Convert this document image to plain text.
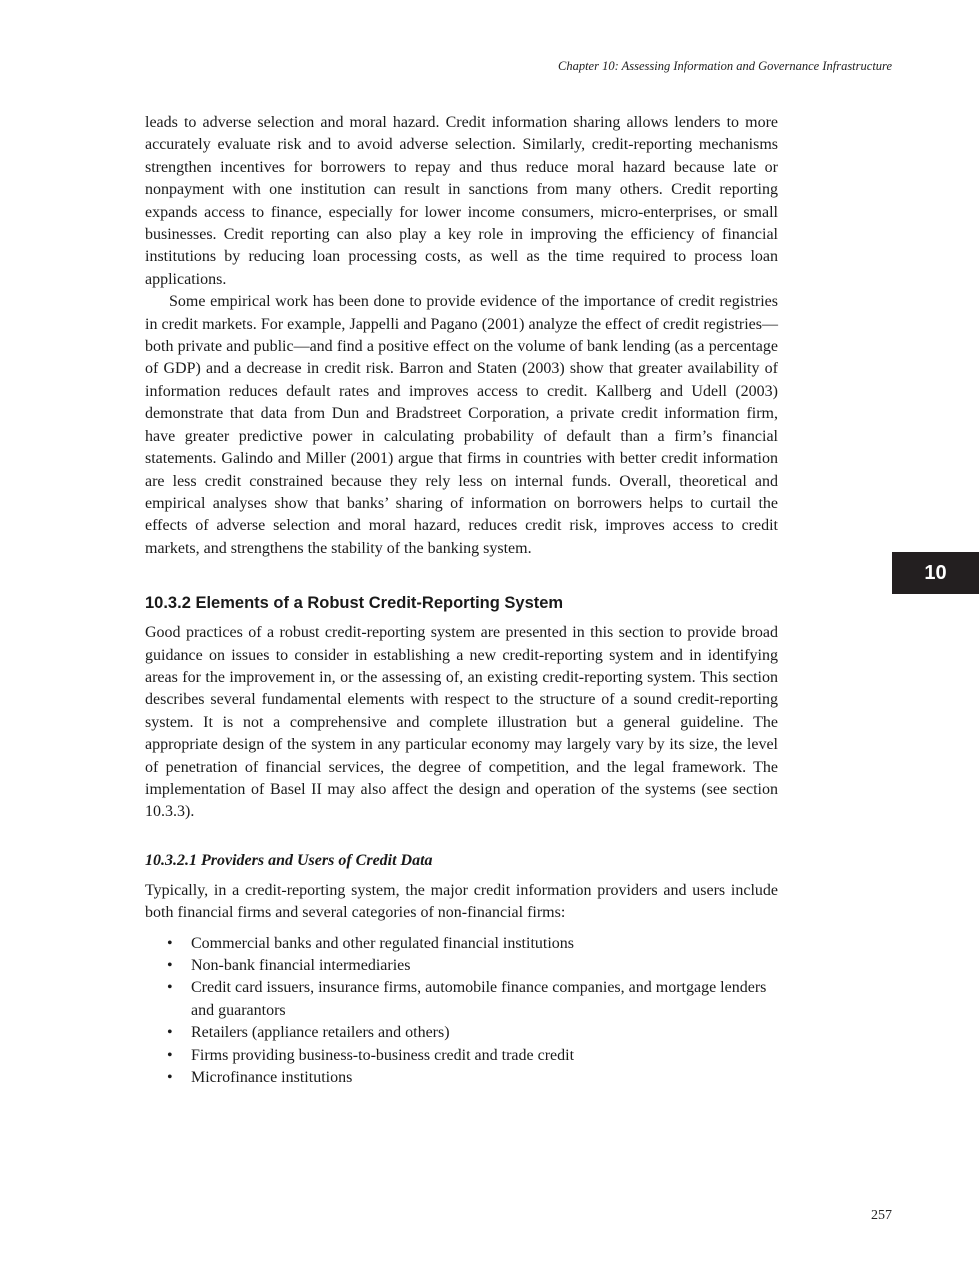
Chapter 10: Assessing Information and Governance Infrastructure
10

leads to adverse selection and moral hazard. Credit information sharing allows lenders to more accurately evaluate risk and to avoid adverse selection. Similarly, credit-reporting mechanisms strengthen incentives for borrowers to repay and thus reduce moral hazard because late or nonpayment with one institution can result in sanctions from many others. Credit reporting expands access to finance, especially for lower income consumers, micro-enterprises, or small businesses. Credit reporting can also play a key role in improving the efficiency of financial institutions by reducing loan processing costs, as well as the time required to process loan applications.

Some empirical work has been done to provide evidence of the importance of credit registries in credit markets. For example, Jappelli and Pagano (2001) analyze the effect of credit registries—both private and public—and find a positive effect on the volume of bank lending (as a percentage of GDP) and a decrease in credit risk. Barron and Staten (2003) show that greater availability of information reduces default rates and improves access to credit. Kallberg and Udell (2003) demonstrate that data from Dun and Bradstreet Corporation, a private credit information firm, have greater predictive power in calculating probability of default than a firm’s financial statements. Galindo and Miller (2001) argue that firms in countries with better credit information are less credit constrained because they rely less on internal funds. Overall, theoretical and empirical analyses show that banks’ sharing of information on borrowers helps to curtail the effects of adverse selection and moral hazard, reduces credit risk, improves access to credit markets, and strengthens the stability of the banking system.

10.3.2 Elements of a Robust Credit-Reporting System

Good practices of a robust credit-reporting system are presented in this section to provide broad guidance on issues to consider in establishing a new credit-reporting system and in identifying areas for the improvement in, or the assessing of, an existing credit-reporting system. This section describes several fundamental elements with respect to the structure of a sound credit-reporting system. It is not a comprehensive and complete illustration but a general guideline. The appropriate design of the system in any particular economy may largely vary by its size, the level of penetration of financial services, the degree of competition, and the legal framework. The implementation of Basel II may also affect the design and operation of the systems (see section 10.3.3).

10.3.2.1 Providers and Users of Credit Data

Typically, in a credit-reporting system, the major credit information providers and users include both financial firms and several categories of non-financial firms:

• Commercial banks and other regulated financial institutions
• Non-bank financial intermediaries
• Credit card issuers, insurance firms, automobile finance companies, and mortgage lenders and guarantors
• Retailers (appliance retailers and others)
• Firms providing business-to-business credit and trade credit
• Microfinance institutions
257
